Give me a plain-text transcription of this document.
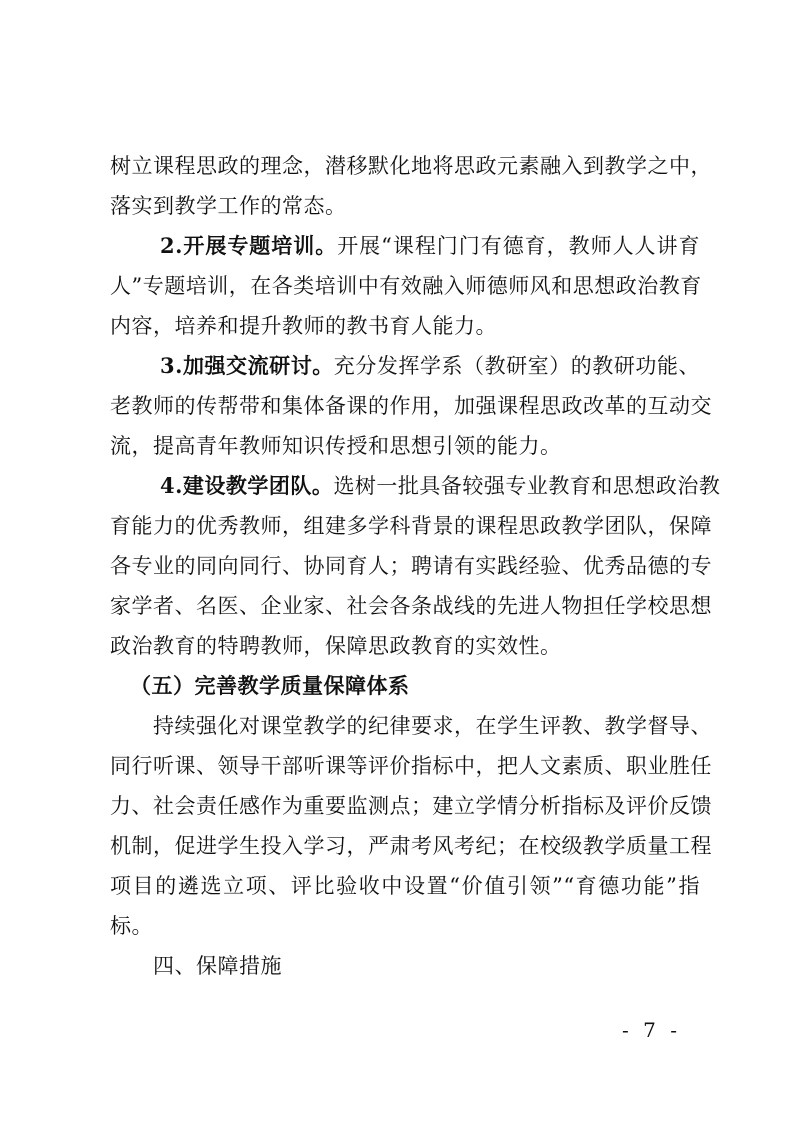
树立课程思政的理念，潜移默化地将思政元素融入到教学之中，
落实到教学工作的常态。
2.开展专题培训。开展“课程门门有德育，教师人人讲育
人”专题培训，在各类培训中有效融入师德师风和思想政治教育
内容，培养和提升教师的教书育人能力。
3.加强交流研讨。充分发挥学系（教研室）的教研功能、
老教师的传帮带和集体备课的作用，加强课程思政改革的互动交
流，提高青年教师知识传授和思想引领的能力。
4.建设教学团队。选树一批具备较强专业教育和思想政治教
育能力的优秀教师，组建多学科背景的课程思政教学团队，保障
各专业的同向同行、协同育人；聘请有实践经验、优秀品德的专
家学者、名医、企业家、社会各条战线的先进人物担任学校思想
政治教育的特聘教师，保障思政教育的实效性。
（五）完善教学质量保障体系
持续强化对课堂教学的纪律要求，在学生评教、教学督导、
同行听课、领导干部听课等评价指标中，把人文素质、职业胜任
力、社会责任感作为重要监测点；建立学情分析指标及评价反馈
机制，促进学生投入学习，严肃考风考纪；在校级教学质量工程
项目的遴选立项、评比验收中设置“价值引领”“育德功能”指
标。
四、保障措施
- 7 -
